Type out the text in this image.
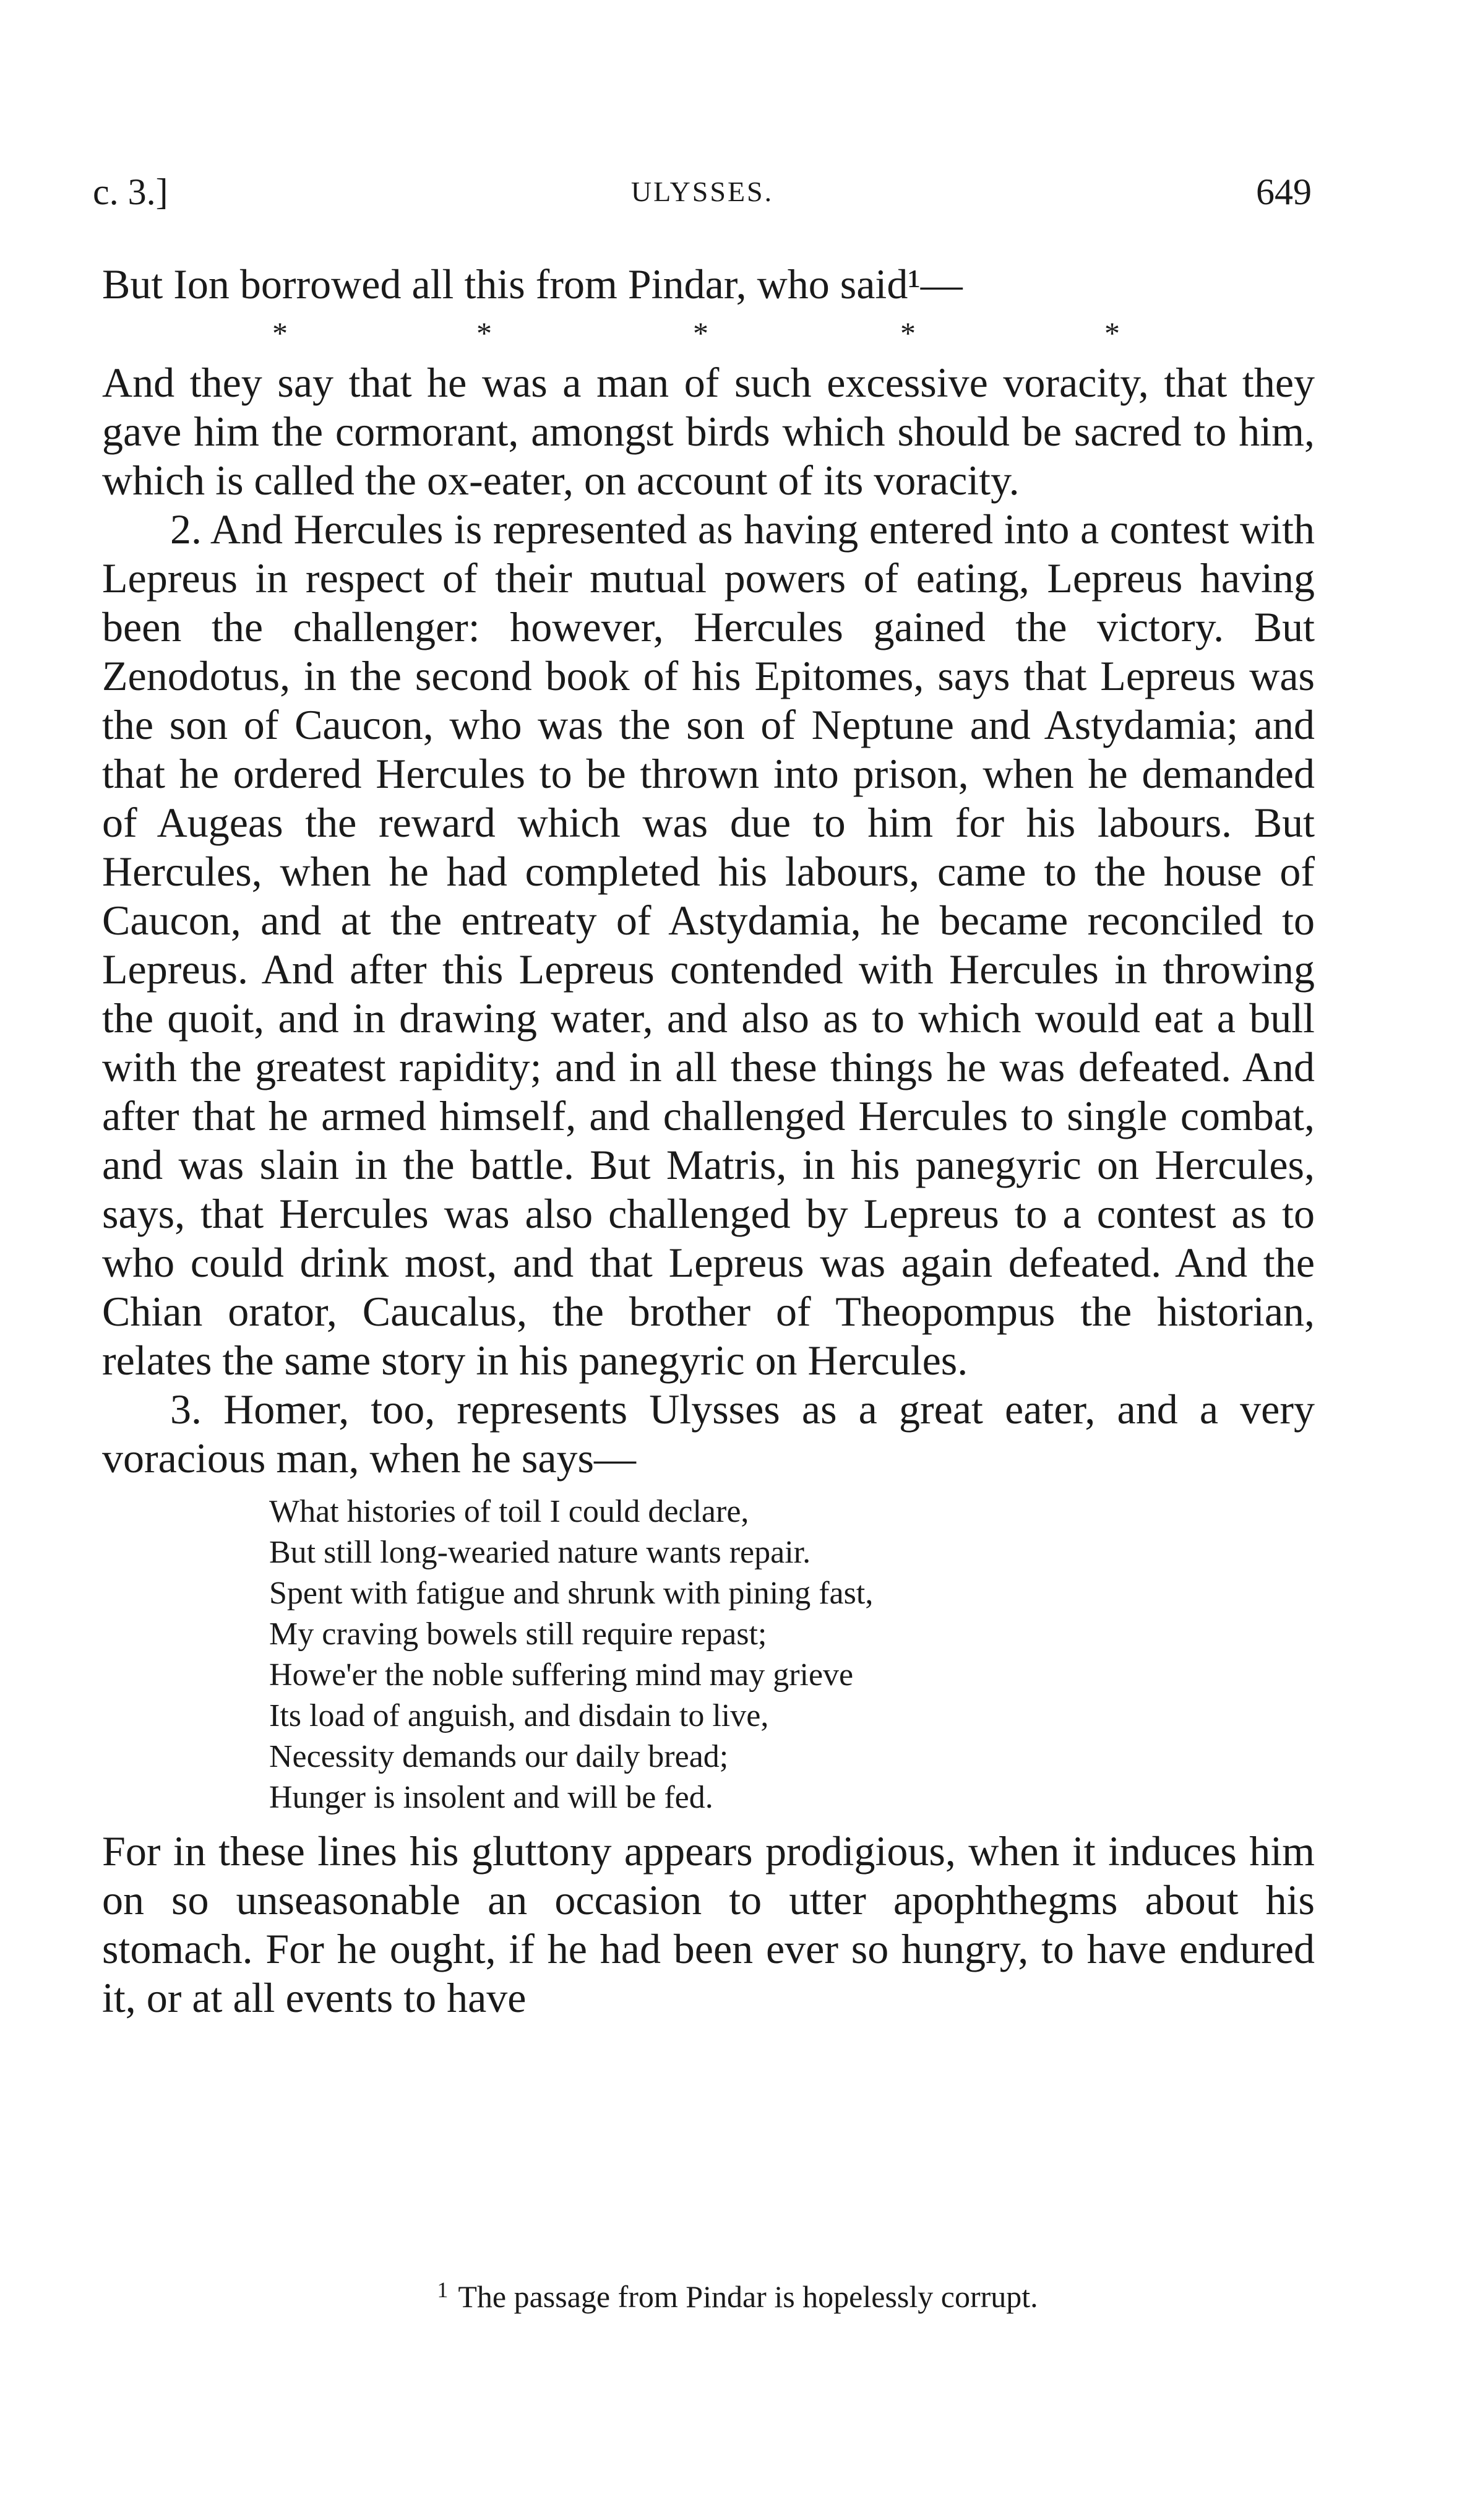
c. 3.]	ULYSSES.	649

But Ion borrowed all this from Pindar, who said¹—

*	*	*	*	*

And they say that he was a man of such excessive voracity, that they gave him the cormorant, amongst birds which should be sacred to him, which is called the ox-eater, on account of its voracity.

2. And Hercules is represented as having entered into a contest with Lepreus in respect of their mutual powers of eating, Lepreus having been the challenger: however, Hercules gained the victory. But Zenodotus, in the second book of his Epitomes, says that Lepreus was the son of Caucon, who was the son of Neptune and Astydamia; and that he ordered Hercules to be thrown into prison, when he demanded of Augeas the reward which was due to him for his labours. But Hercules, when he had completed his labours, came to the house of Caucon, and at the entreaty of Astydamia, he became reconciled to Lepreus. And after this Lepreus contended with Hercules in throwing the quoit, and in drawing water, and also as to which would eat a bull with the greatest rapidity; and in all these things he was defeated. And after that he armed himself, and challenged Hercules to single combat, and was slain in the battle. But Matris, in his panegyric on Hercules, says, that Hercules was also challenged by Lepreus to a contest as to who could drink most, and that Lepreus was again defeated. And the Chian orator, Caucalus, the brother of Theopompus the historian, relates the same story in his panegyric on Hercules.

3. Homer, too, represents Ulysses as a great eater, and a very voracious man, when he says—

What histories of toil I could declare,
But still long-wearied nature wants repair.
Spent with fatigue and shrunk with pining fast,
My craving bowels still require repast;
Howe'er the noble suffering mind may grieve
Its load of anguish, and disdain to live,
Necessity demands our daily bread;
Hunger is insolent and will be fed.

For in these lines his gluttony appears prodigious, when it induces him on so unseasonable an occasion to utter apophthegms about his stomach. For he ought, if he had been ever so hungry, to have endured it, or at all events to have

$^1$ The passage from Pindar is hopelessly corrupt.
